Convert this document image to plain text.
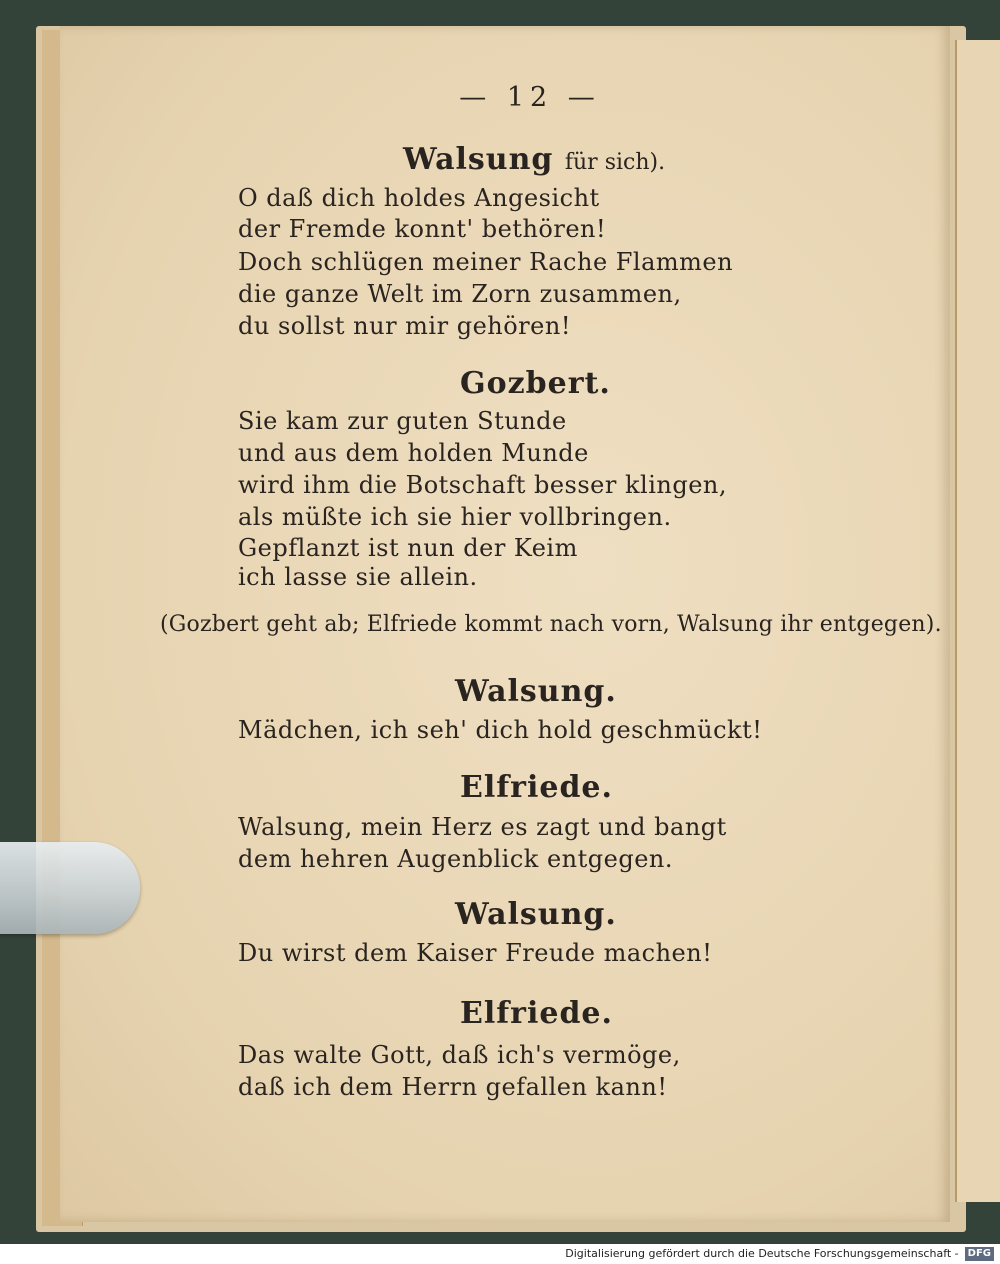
— 12 —
Walsung für sich).
O daß dich holdes Angesicht
der Fremde konnt' bethören!
Doch schlügen meiner Rache Flammen
die ganze Welt im Zorn zusammen,
du sollst nur mir gehören!
Gozbert.
Sie kam zur guten Stunde
und aus dem holden Munde
wird ihm die Botschaft besser klingen,
als müßte ich sie hier vollbringen.
Gepflanzt ist nun der Keim
ich lasse sie allein.
(Gozbert geht ab; Elfriede kommt nach vorn, Walsung ihr entgegen).
Walsung.
Mädchen, ich seh' dich hold geschmückt!
Elfriede.
Walsung, mein Herz es zagt und bangt
dem hehren Augenblick entgegen.
Walsung.
Du wirst dem Kaiser Freude machen!
Elfriede.
Das walte Gott, daß ich's vermöge,
daß ich dem Herrn gefallen kann!
Digitalisierung gefördert durch die Deutsche Forschungsgemeinschaft - DFG
